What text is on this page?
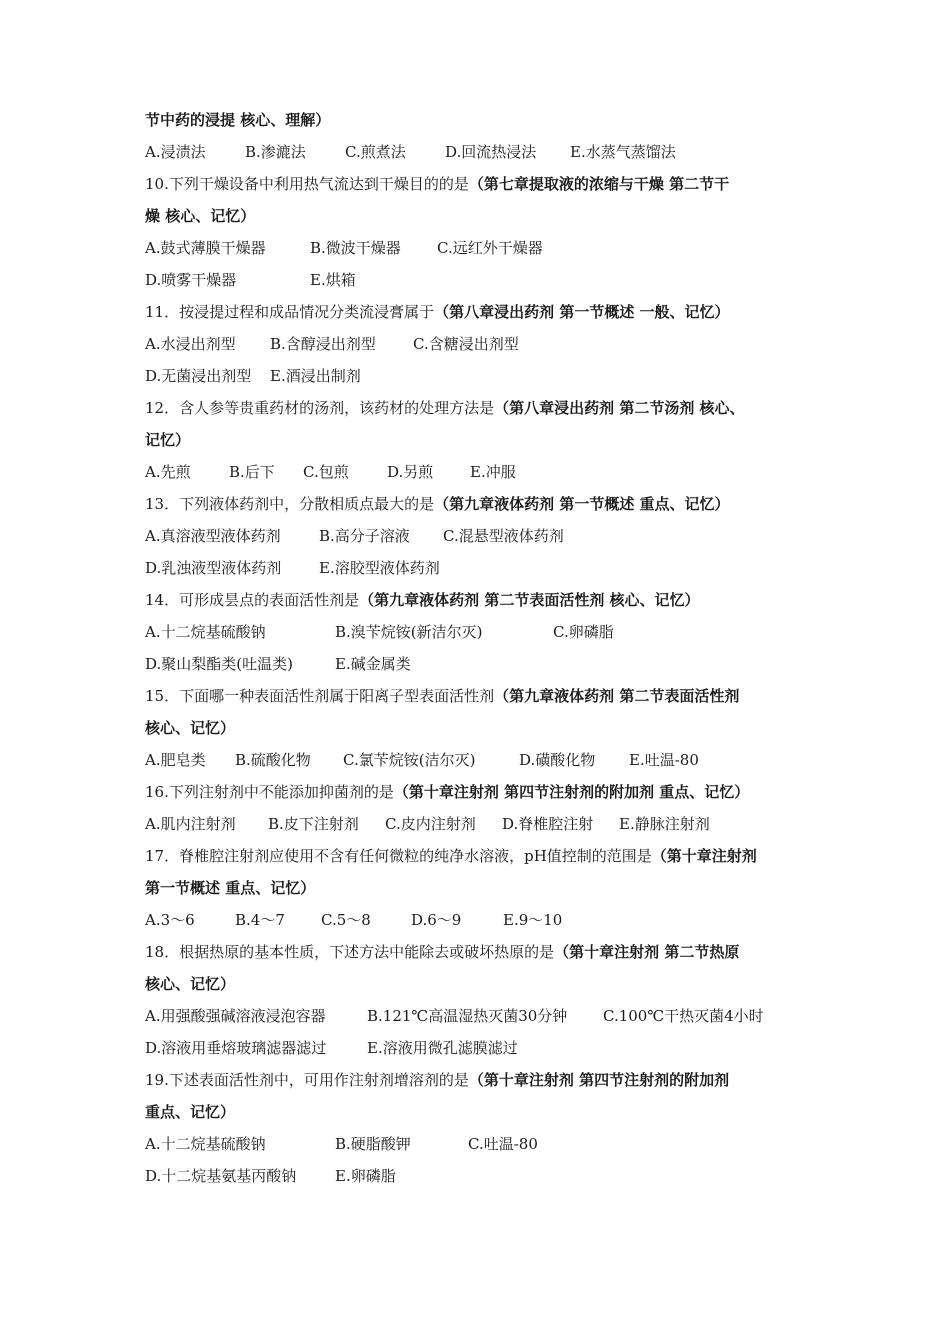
节中药的浸提 核心、理解）
A.浸渍法	B.渗漉法	C.煎煮法	D.回流热浸法 E.水蒸气蒸馏法
10.下列干燥设备中利用热气流达到干燥目的的是（第七章提取液的浓缩与干燥 第二节干
燥 核心、记忆）
A.鼓式薄膜干燥器	B.微波干燥器 C.远红外干燥器
D.喷雾干燥器	E.烘箱
11．按浸提过程和成品情况分类流浸膏属于（第八章浸出药剂 第一节概述 一般、记忆）
A.水浸出剂型 B.含醇浸出剂型 C.含糖浸出剂型
D.无菌浸出剂型 E.酒浸出制剂
12．含人参等贵重药材的汤剂，该药材的处理方法是（第八章浸出药剂 第二节汤剂 核心、
记忆）
A.先煎	B.后下 C.包煎	D.另煎 E.冲服
13．下列液体药剂中，分散相质点最大的是（第九章液体药剂 第一节概述 重点、记忆）
A.真溶液型液体药剂	B.高分子溶液 C.混悬型液体药剂
D.乳浊液型液体药剂	E.溶胶型液体药剂
14．可形成昙点的表面活性剂是（第九章液体药剂 第二节表面活性剂 核心、记忆）
A.十二烷基硫酸钠	B.溴苄烷铵(新洁尔灭)	C.卵磷脂
D.聚山梨酯类(吐温类)	E.碱金属类
15．下面哪一种表面活性剂属于阳离子型表面活性剂（第九章液体药剂 第二节表面活性剂
核心、记忆）
A.肥皂类 B.硫酸化物 C.氯苄烷铵(洁尔灭)	D.磺酸化物 E.吐温-80
16.下列注射剂中不能添加抑菌剂的是（第十章注射剂 第四节注射剂的附加剂 重点、记忆）
A.肌内注射剂 B.皮下注射剂 C.皮内注射剂 D.脊椎腔注射 E.静脉注射剂
17．脊椎腔注射剂应使用不含有任何微粒的纯净水溶液，pH值控制的范围是（第十章注射剂
第一节概述 重点、记忆）
A.3～6	B.4～7 C.5～8	D.6～9	E.9～10
18．根据热原的基本性质，下述方法中能除去或破坏热原的是（第十章注射剂 第二节热原
核心、记忆）
A.用强酸强碱溶液浸泡容器	B.121℃高温湿热灭菌30分钟 C.100℃干热灭菌4小时
D.溶液用垂熔玻璃滤器滤过	E.溶液用微孔滤膜滤过
19.下述表面活性剂中，可用作注射剂增溶剂的是（第十章注射剂 第四节注射剂的附加剂
重点、记忆）
A.十二烷基硫酸钠	B.硬脂酸钾	C.吐温-80
D.十二烷基氨基丙酸钠	E.卵磷脂
